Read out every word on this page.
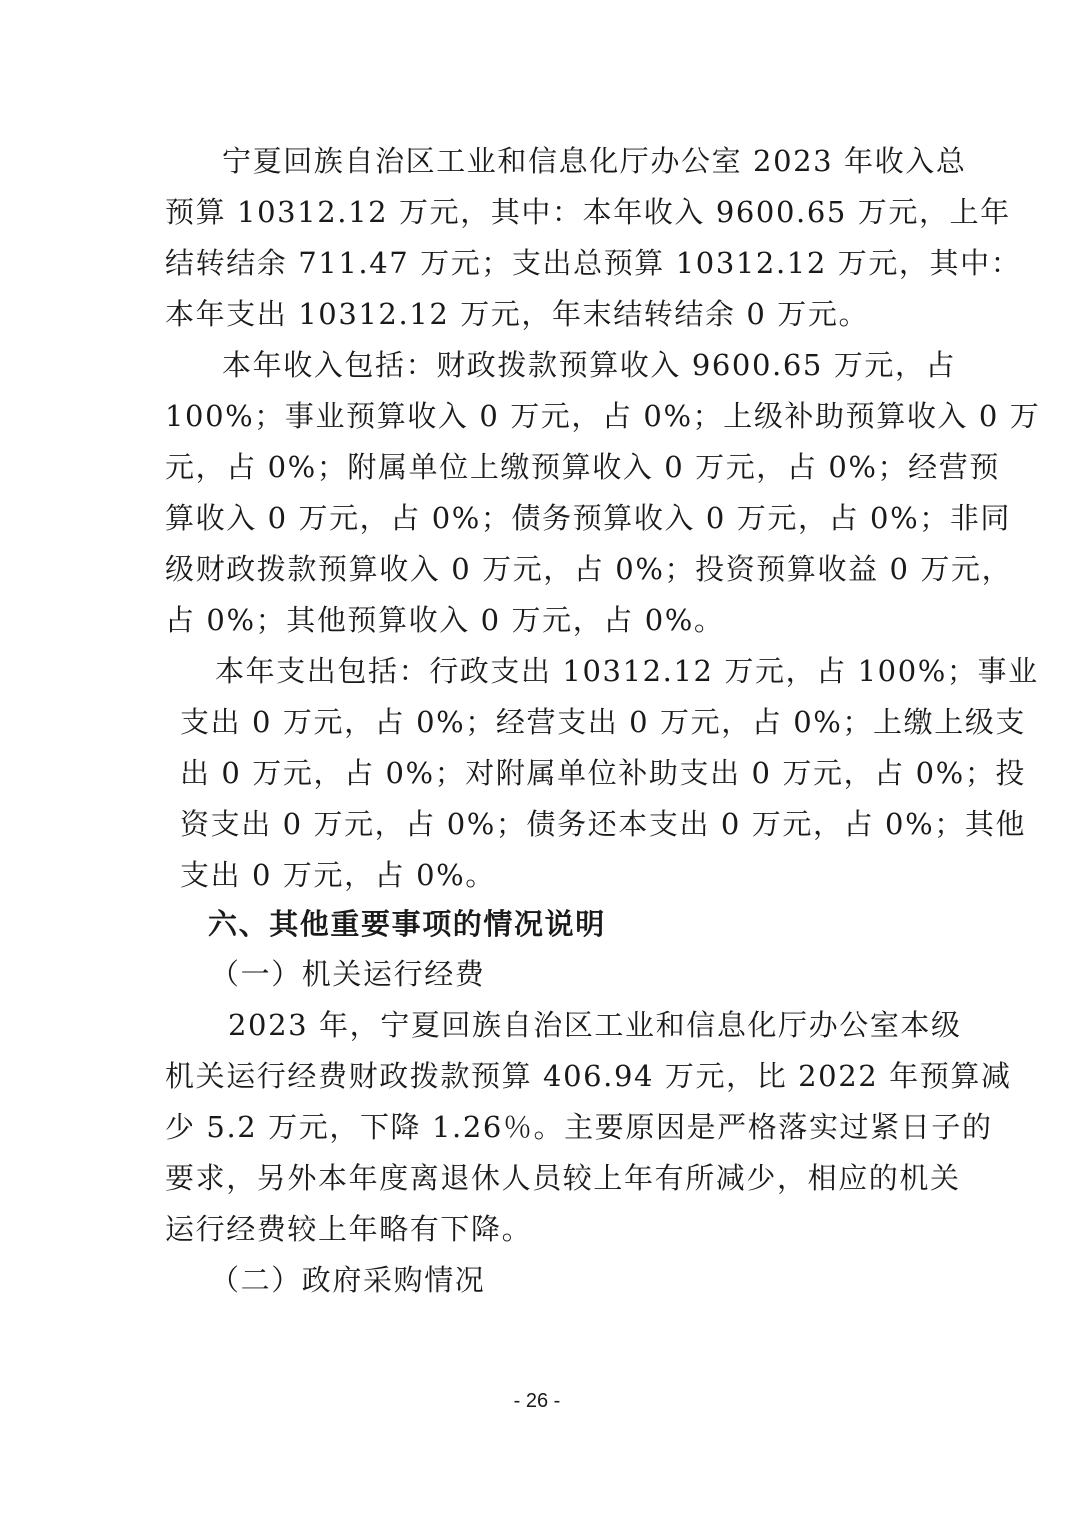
宁夏回族自治区工业和信息化厅办公室 2023 年收入总

预算 10312.12 万元，其中：本年收入 9600.65 万元，上年

结转结余 711.47 万元；支出总预算 10312.12 万元，其中：

本年支出 10312.12 万元，年末结转结余 0 万元。

本年收入包括：财政拨款预算收入 9600.65 万元，占

100%；事业预算收入 0 万元，占 0%；上级补助预算收入 0 万

元，占 0%；附属单位上缴预算收入 0 万元，占 0%；经营预

算收入 0 万元，占 0%；债务预算收入 0 万元，占 0%；非同

级财政拨款预算收入 0 万元，占 0%；投资预算收益 0 万元，

占 0%；其他预算收入 0 万元，占 0%。

本年支出包括：行政支出 10312.12 万元，占 100%；事业

支出 0 万元，占 0%；经营支出 0 万元，占 0%；上缴上级支

出 0 万元，占 0%；对附属单位补助支出 0 万元，占 0%；投

资支出 0 万元，占 0%；债务还本支出 0 万元，占 0%；其他

支出 0 万元，占 0%。

六、其他重要事项的情况说明
（一）机关运行经费

2023 年，宁夏回族自治区工业和信息化厅办公室本级

机关运行经费财政拨款预算 406.94 万元，比 2022 年预算减

少 5.2 万元，下降 1.26％。主要原因是严格落实过紧日子的

要求，另外本年度离退休人员较上年有所减少，相应的机关

运行经费较上年略有下降。

（二）政府采购情况

- 26 -
